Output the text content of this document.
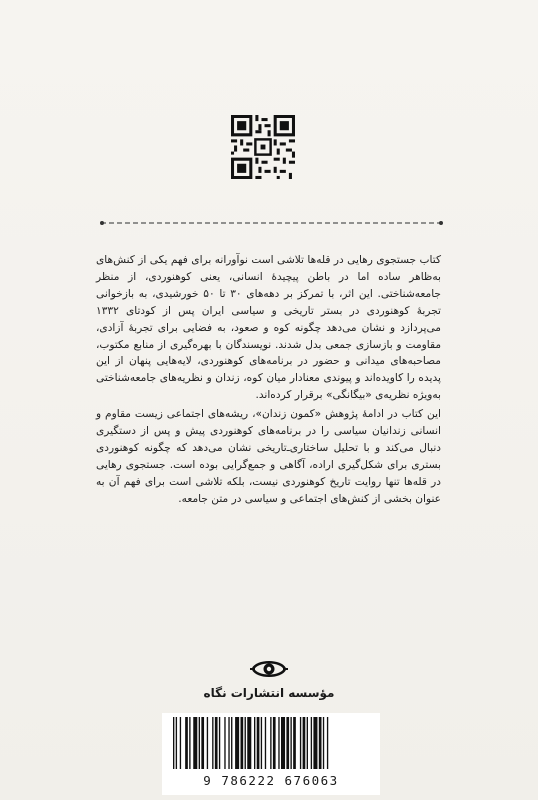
کتاب جستجوی رهایی در قله‌ها تلاشی است نوآورانه برای فهم یکی از کنش‌های به‌ظاهر ساده اما در باطن پیچیدهٔ انسانی، یعنی کوهنوردی، از منظر جامعه‌شناختی. این اثر، با تمرکز بر دهه‌های ۳۰ تا ۵۰ خورشیدی، به بازخوانی تجربهٔ کوهنوردی در بستر تاریخی و سیاسی ایران پس از کودتای ۱۳۳۲ می‌پردازد و نشان می‌دهد چگونه کوه و صعود، به فضایی برای تجربهٔ آزادی، مقاومت و بازسازی جمعی بدل شدند. نویسندگان با بهره‌گیری از منابع مکتوب، مصاحبه‌های میدانی و حضور در برنامه‌های کوهنوردی، لایه‌هایی پنهان از این پدیده را کاویده‌اند و پیوندی معنادار میان کوه، زندان و نظریه‌های جامعه‌شناختی به‌ویژه نظریه‌ی «بیگانگی» برقرار کرده‌اند.

این کتاب در ادامهٔ پژوهش «کمون زندان»، ریشه‌های اجتماعی زیست مقاوم و انسانی زندانیان سیاسی را در برنامه‌های کوهنوردی پیش و پس از دستگیری دنبال می‌کند و با تحلیل ساختاری‌ـ‌تاریخی نشان می‌دهد که چگونه کوهنوردی بستری برای شکل‌گیری اراده، آگاهی و جمع‌گرایی بوده است. جستجوی رهایی در قله‌ها تنها روایت تاریخ کوهنوردی نیست، بلکه تلاشی است برای فهم آن به عنوان بخشی از کنش‌های اجتماعی و سیاسی در متن جامعه.

مؤسسه انتشارات نگاه
9 786222 676063
